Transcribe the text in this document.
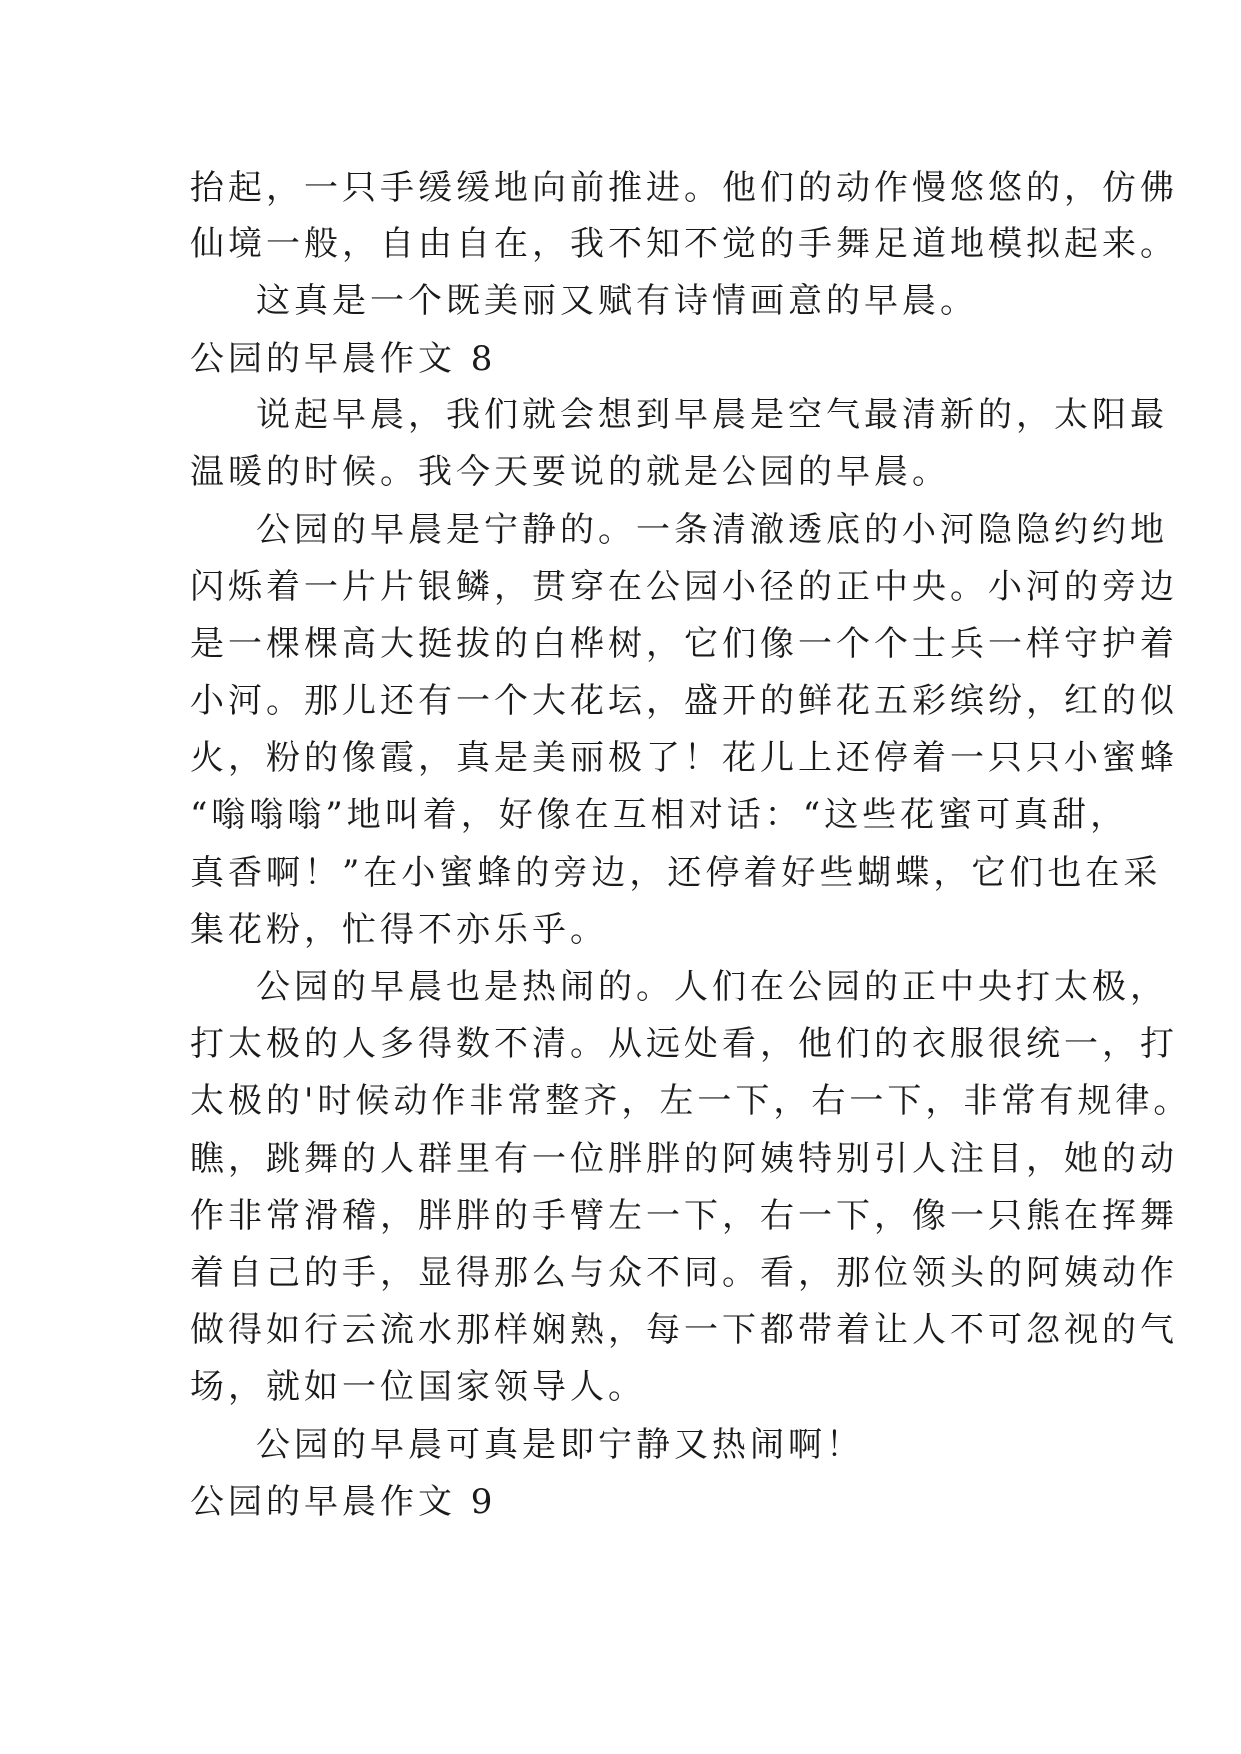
抬起，一只手缓缓地向前推进。他们的动作慢悠悠的，仿佛
仙境一般，自由自在，我不知不觉的手舞足道地模拟起来。
这真是一个既美丽又赋有诗情画意的早晨。
公园的早晨作文 8
说起早晨，我们就会想到早晨是空气最清新的，太阳最
温暖的时候。我今天要说的就是公园的早晨。
公园的早晨是宁静的。一条清澈透底的小河隐隐约约地
闪烁着一片片银鳞，贯穿在公园小径的正中央。小河的旁边
是一棵棵高大挺拔的白桦树，它们像一个个士兵一样守护着
小河。那儿还有一个大花坛，盛开的鲜花五彩缤纷，红的似
火，粉的像霞，真是美丽极了！花儿上还停着一只只小蜜蜂
“嗡嗡嗡”地叫着，好像在互相对话：“这些花蜜可真甜，
真香啊！”在小蜜蜂的旁边，还停着好些蝴蝶，它们也在采
集花粉，忙得不亦乐乎。
公园的早晨也是热闹的。人们在公园的正中央打太极，
打太极的人多得数不清。从远处看，他们的衣服很统一，打
太极的'时候动作非常整齐，左一下，右一下，非常有规律。
瞧，跳舞的人群里有一位胖胖的阿姨特别引人注目，她的动
作非常滑稽，胖胖的手臂左一下，右一下，像一只熊在挥舞
着自己的手，显得那么与众不同。看，那位领头的阿姨动作
做得如行云流水那样娴熟，每一下都带着让人不可忽视的气
场，就如一位国家领导人。
公园的早晨可真是即宁静又热闹啊！
公园的早晨作文 9
